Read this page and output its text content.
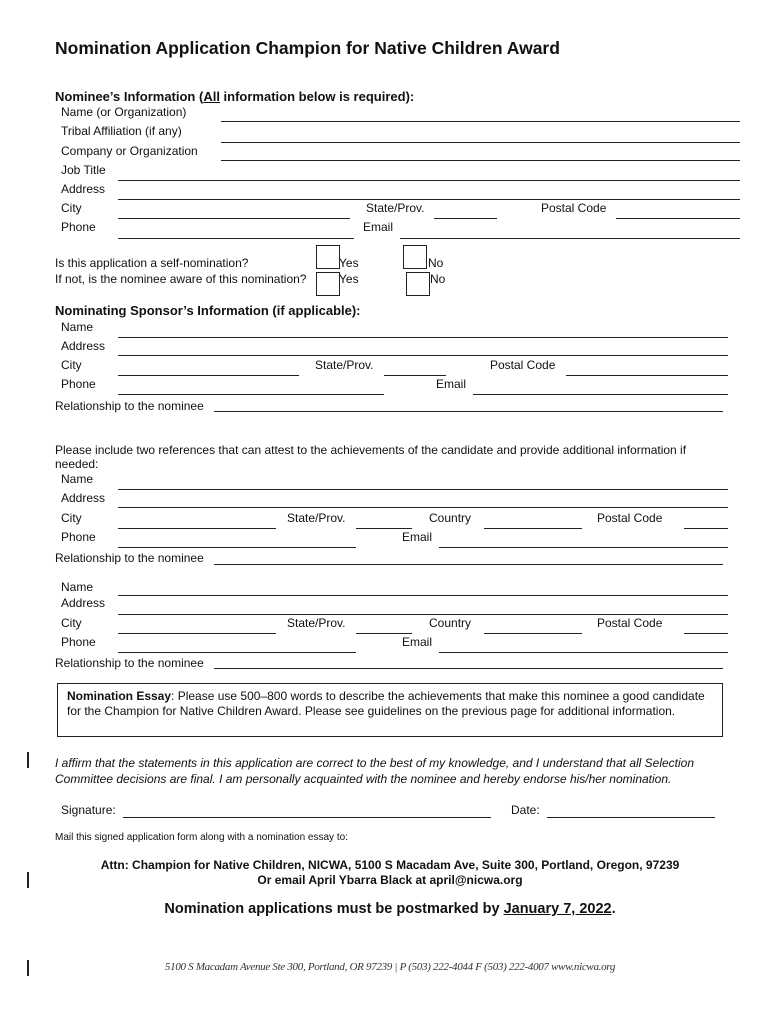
Nomination Application Champion for Native Children Award
Nominee’s Information (All information below is required):
Name (or Organization)
Tribal Affiliation (if any)
Company or Organization
Job Title
Address
City	State/Prov.	Postal Code
Phone	Email
Is this application a self-nomination?	Yes	No
If not, is the nominee aware of this nomination?	Yes	No
Nominating Sponsor’s Information (if applicable):
Name
Address
City	State/Prov.	Postal Code
Phone	Email
Relationship to the nominee
Please include two references that can attest to the achievements of the candidate and provide additional information if needed:
Name
Address
City	State/Prov.	Country	Postal Code
Phone	Email
Relationship to the nominee
Name
Address
City	State/Prov.	Country	Postal Code
Phone	Email
Relationship to the nominee
Nomination Essay: Please use 500–800 words to describe the achievements that make this nominee a good candidate for the Champion for Native Children Award. Please see guidelines on the previous page for additional information.
I affirm that the statements in this application are correct to the best of my knowledge, and I understand that all Selection Committee decisions are final. I am personally acquainted with the nominee and hereby endorse his/her nomination.
Signature:	Date:
Mail this signed application form along with a nomination essay to:
Attn: Champion for Native Children, NICWA, 5100 S Macadam Ave, Suite 300, Portland, Oregon, 97239
Or email April Ybarra Black at april@nicwa.org
Nomination applications must be postmarked by January 7, 2022.
5100 S Macadam Avenue Ste 300, Portland, OR 97239 | P (503) 222-4044 F (503) 222-4007 www.nicwa.org
